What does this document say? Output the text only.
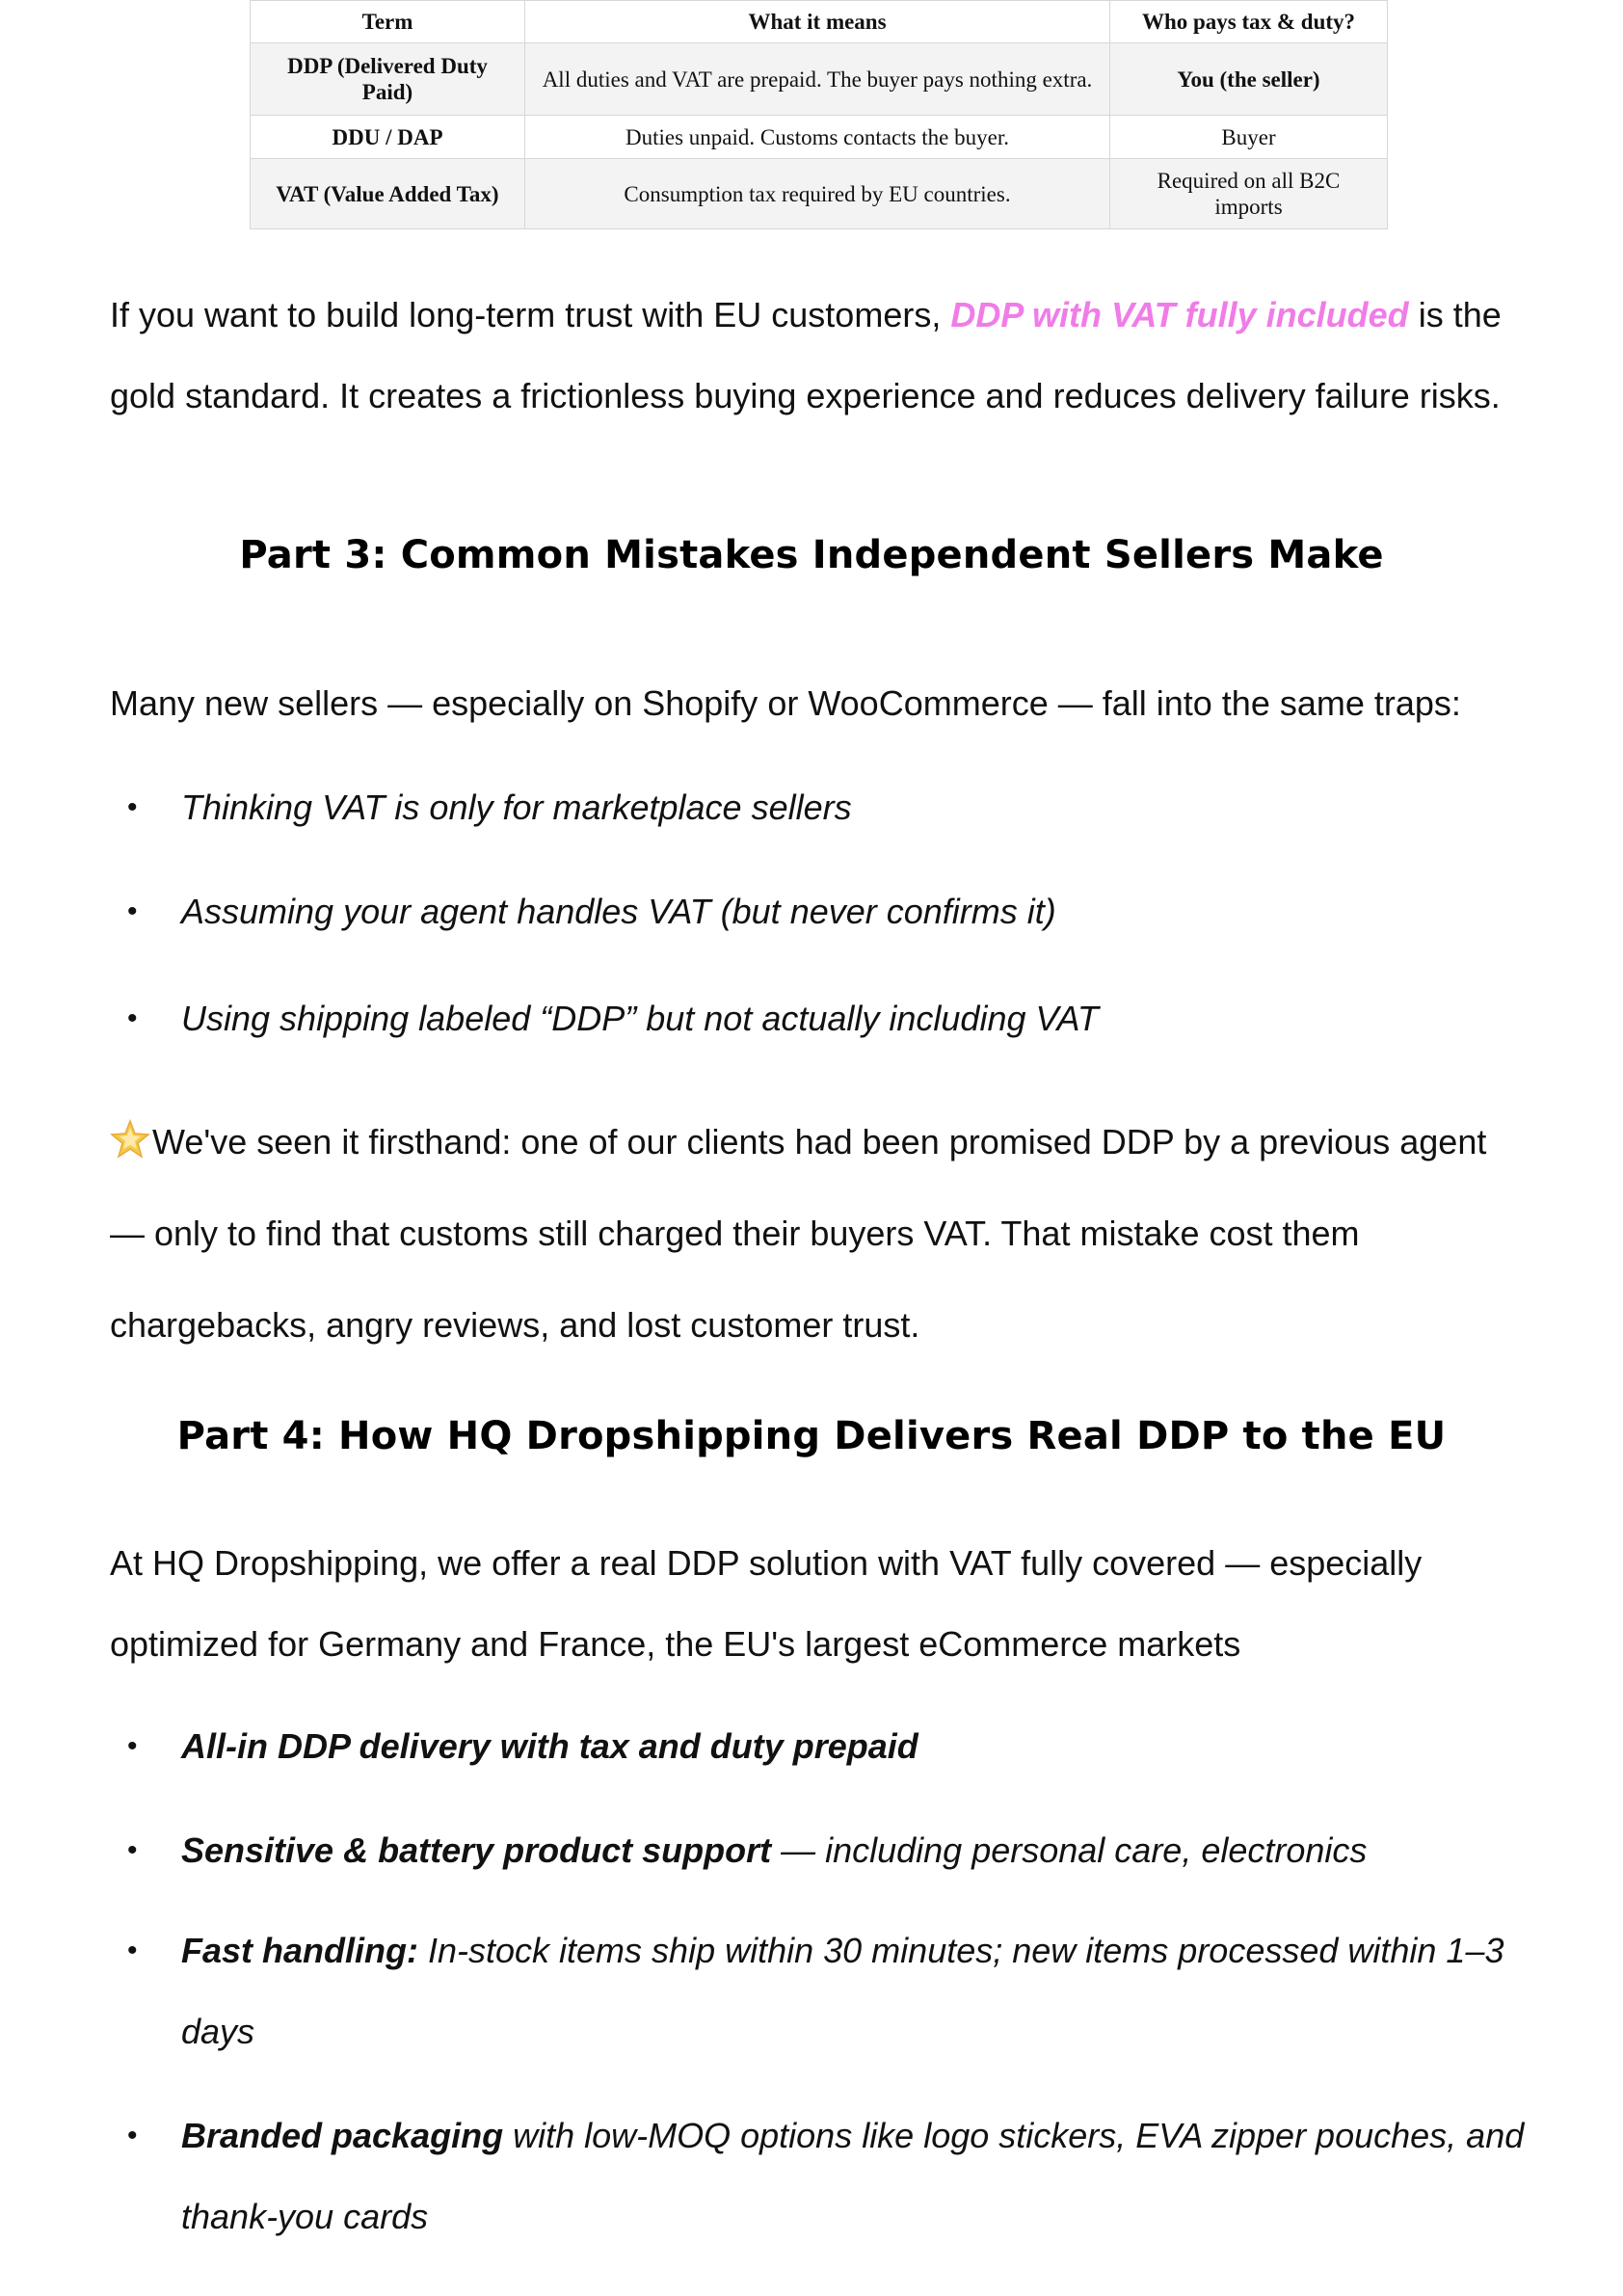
Term	What it means	Who pays tax & duty?
DDP (Delivered Duty Paid)	All duties and VAT are prepaid. The buyer pays nothing extra.	You (the seller)
DDU / DAP	Duties unpaid. Customs contacts the buyer.	Buyer
VAT (Value Added Tax)	Consumption tax required by EU countries.	Required on all B2C imports

If you want to build long-term trust with EU customers, DDP with VAT fully included is the gold standard. It creates a frictionless buying experience and reduces delivery failure risks.

Part 3: Common Mistakes Independent Sellers Make

Many new sellers — especially on Shopify or WooCommerce — fall into the same traps:

•	Thinking VAT is only for marketplace sellers
•	Assuming your agent handles VAT (but never confirms it)
•	Using shipping labeled “DDP” but not actually including VAT

We've seen it firsthand: one of our clients had been promised DDP by a previous agent — only to find that customs still charged their buyers VAT. That mistake cost them chargebacks, angry reviews, and lost customer trust.

Part 4: How HQ Dropshipping Delivers Real DDP to the EU

At HQ Dropshipping, we offer a real DDP solution with VAT fully covered — especially optimized for Germany and France, the EU's largest eCommerce markets

•	All-in DDP delivery with tax and duty prepaid
•	Sensitive & battery product support — including personal care, electronics
•	Fast handling: In-stock items ship within 30 minutes; new items processed within 1–3 days
•	Branded packaging with low-MOQ options like logo stickers, EVA zipper pouches, and thank-you cards
